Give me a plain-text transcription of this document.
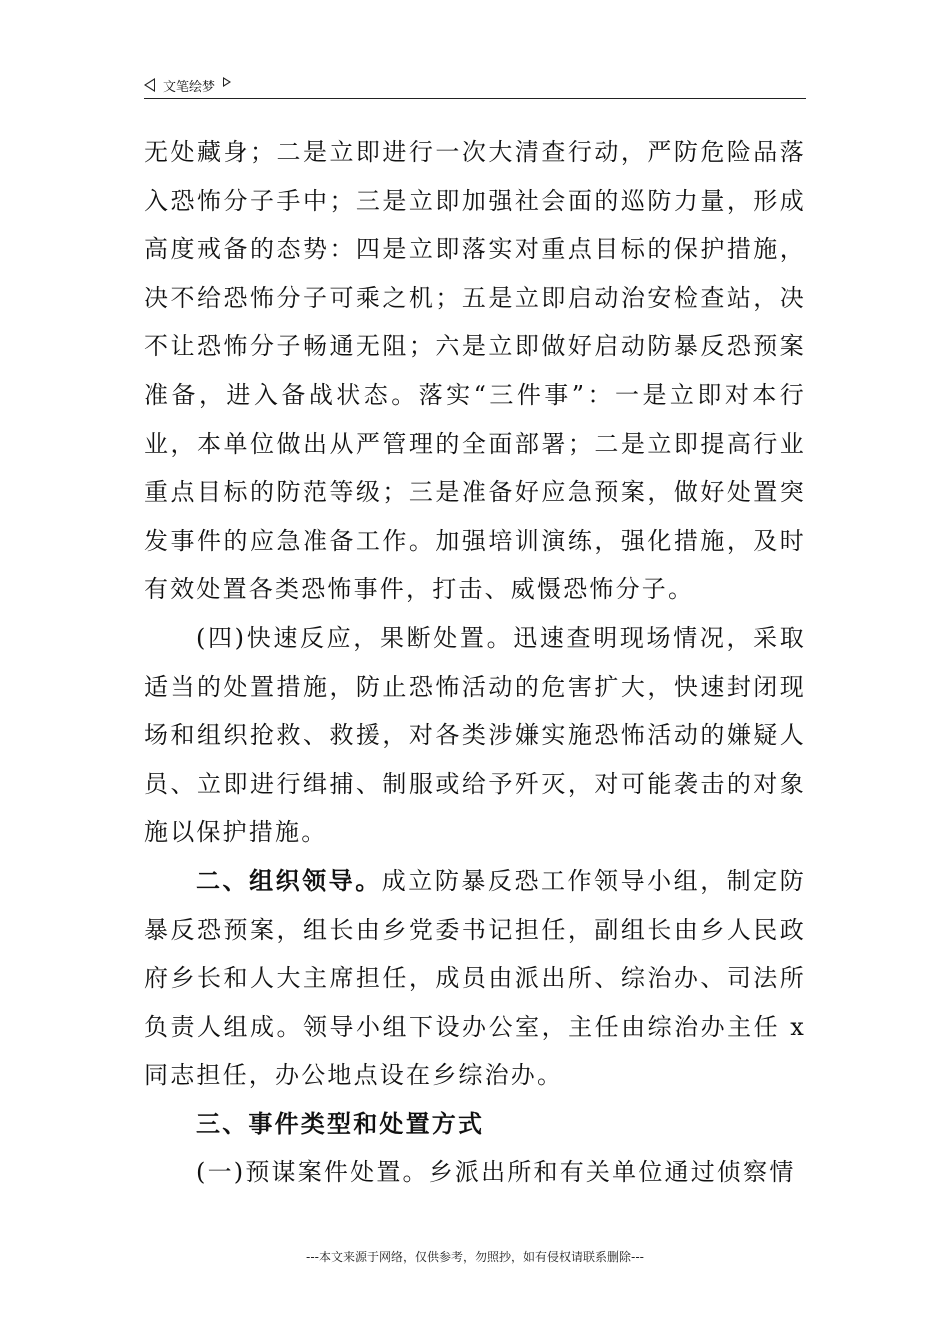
文笔绘梦

无处藏身；二是立即进行一次大清查行动，严防危险品落入恐怖分子手中；三是立即加强社会面的巡防力量，形成高度戒备的态势：四是立即落实对重点目标的保护措施，决不给恐怖分子可乘之机；五是立即启动治安检查站，决不让恐怖分子畅通无阻；六是立即做好启动防暴反恐预案准备，进入备战状态。落实“三件事”：一是立即对本行业，本单位做出从严管理的全面部署；二是立即提高行业重点目标的防范等级；三是准备好应急预案，做好处置突发事件的应急准备工作。加强培训演练，强化措施，及时有效处置各类恐怖事件，打击、威慑恐怖分子。

(四)快速反应，果断处置。迅速查明现场情况，采取适当的处置措施，防止恐怖活动的危害扩大，快速封闭现场和组织抢救、救援，对各类涉嫌实施恐怖活动的嫌疑人员、立即进行缉捕、制服或给予歼灭，对可能袭击的对象施以保护措施。

二、组织领导。成立防暴反恐工作领导小组，制定防暴反恐预案，组长由乡党委书记担任，副组长由乡人民政府乡长和人大主席担任，成员由派出所、综治办、司法所负责人组成。领导小组下设办公室，主任由综治办主任 x 同志担任，办公地点设在乡综治办。

三、事件类型和处置方式

(一)预谋案件处置。乡派出所和有关单位通过侦察情

---本文来源于网络，仅供参考，勿照抄，如有侵权请联系删除---
